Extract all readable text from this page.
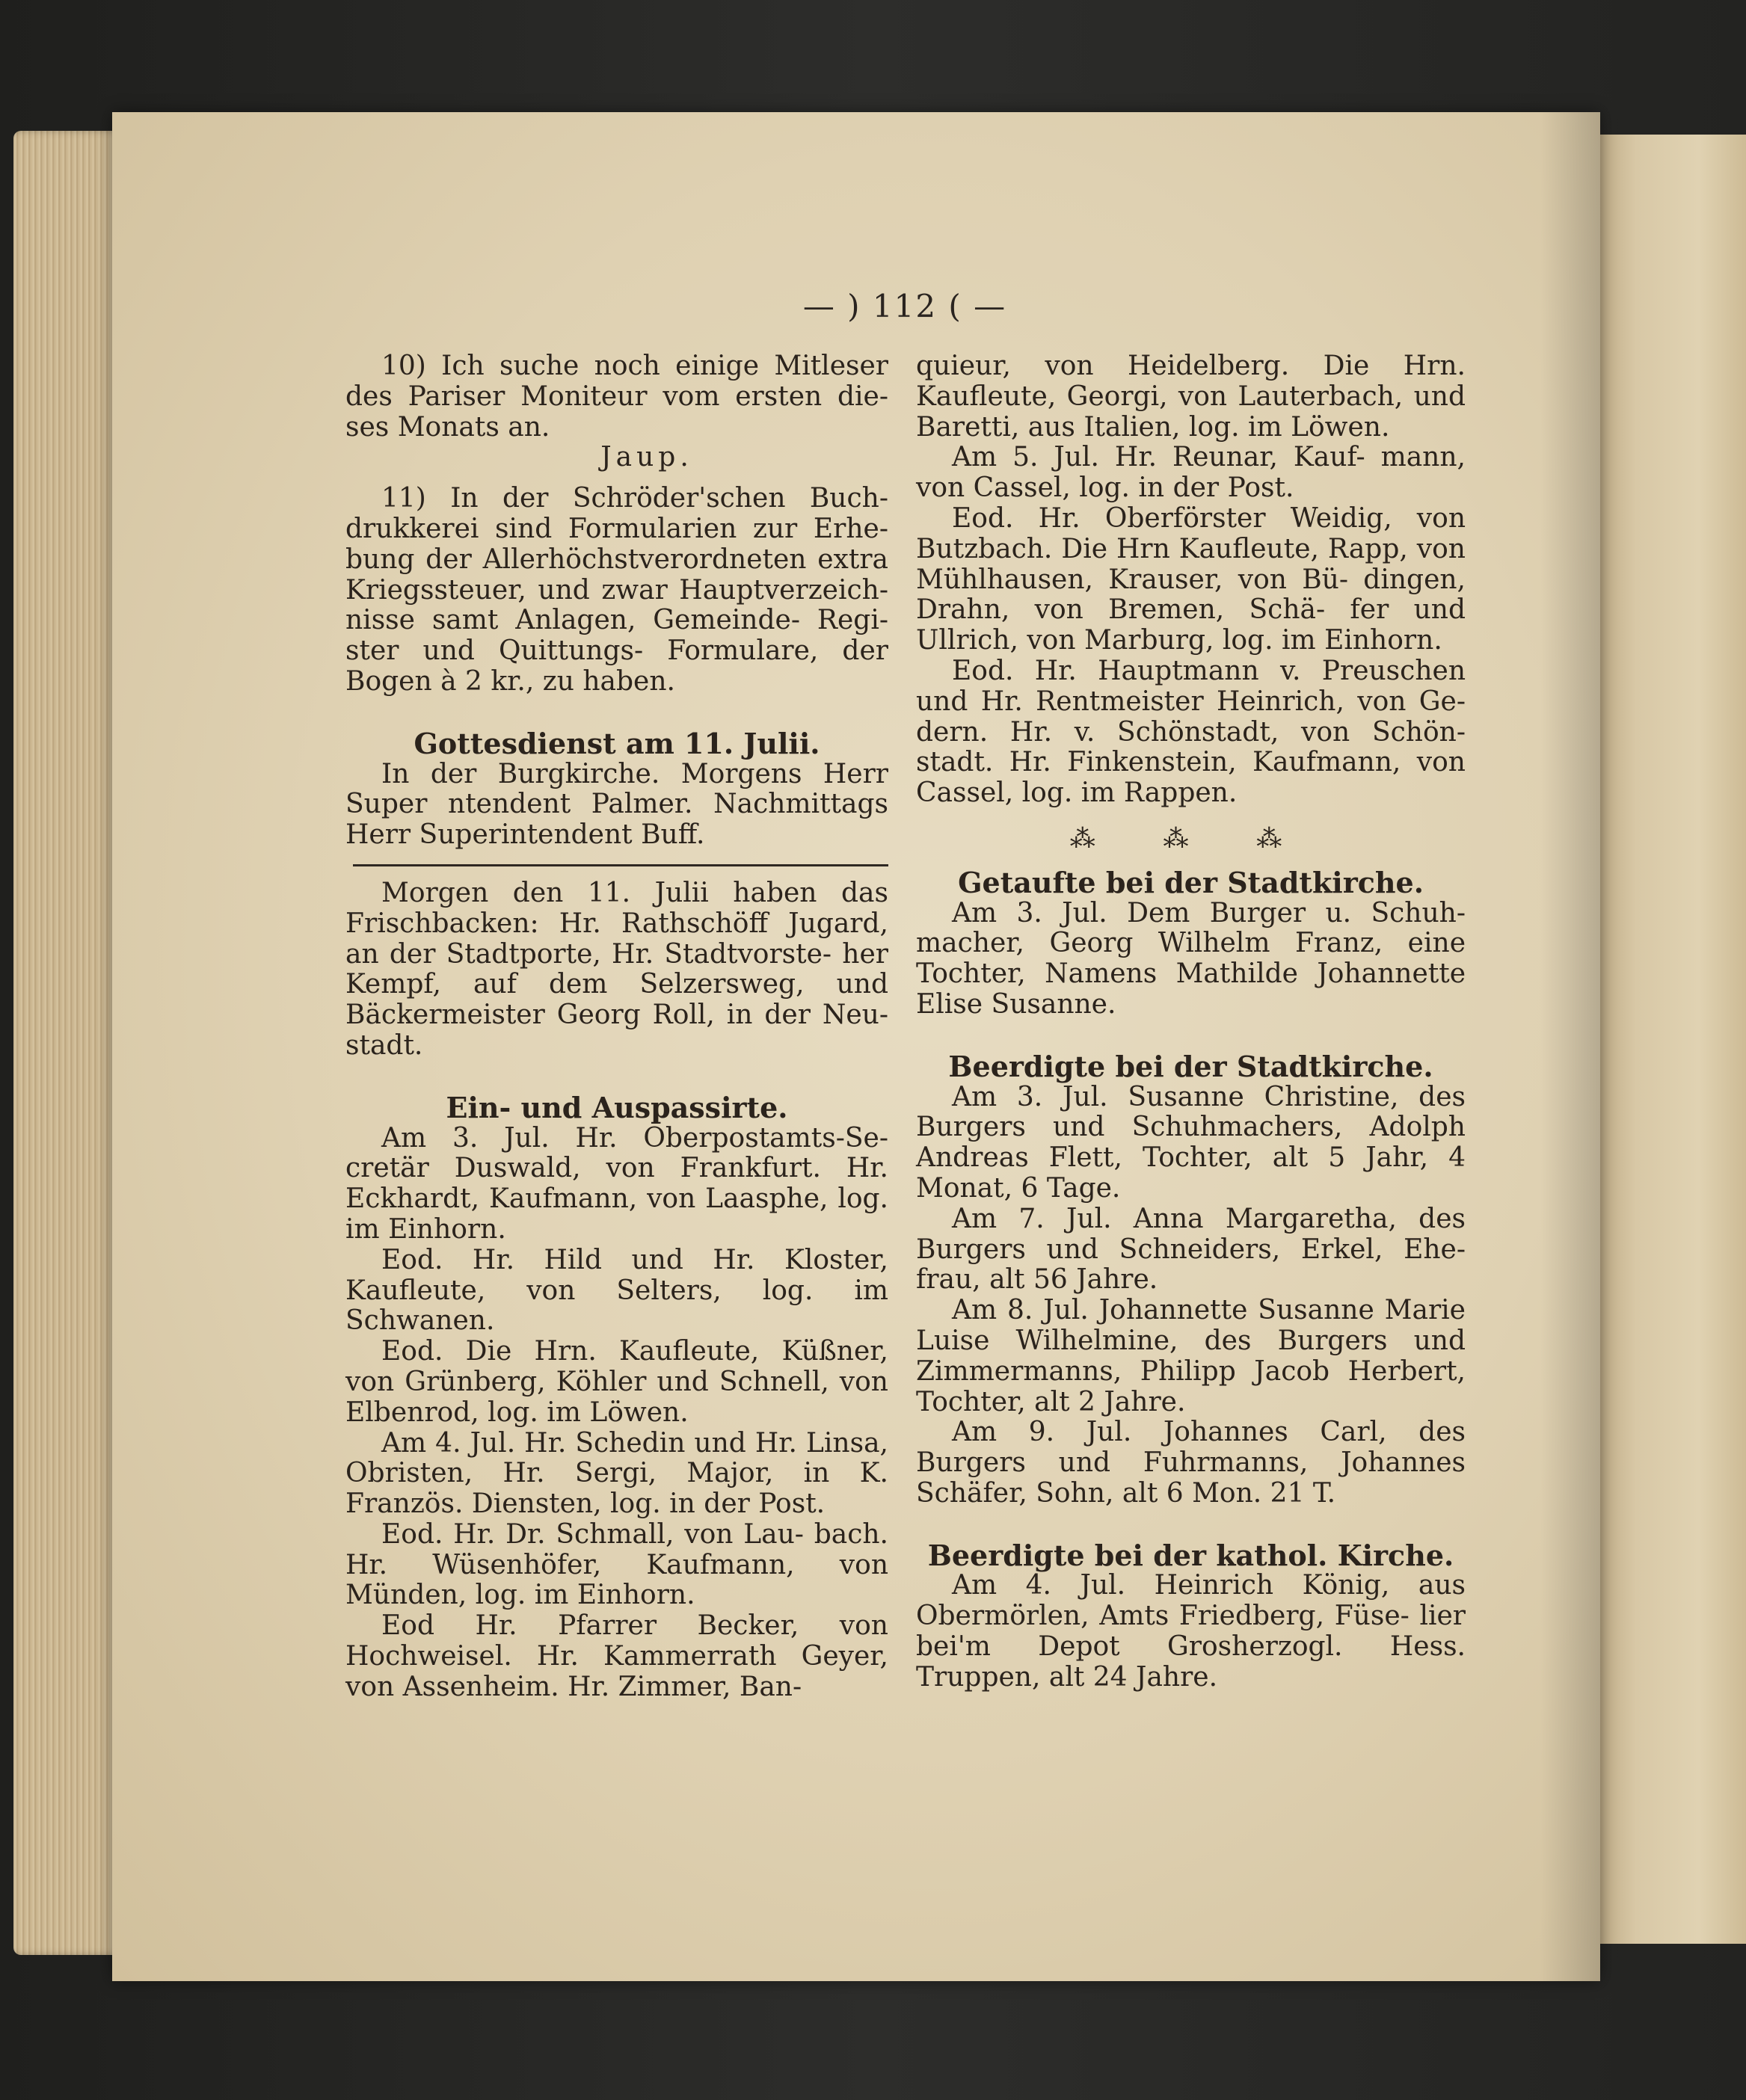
— ) 112 ( —

10) Ich suche noch einige Mitleser des Pariser Moniteur vom ersten die- ses Monats an.

Jaup.

11) In der Schröder'schen Buch- drukkerei sind Formularien zur Erhe- bung der Allerhöchstverordneten extra Kriegssteuer, und zwar Hauptverzeich- nisse samt Anlagen, Gemeinde- Regi- ster und Quittungs- Formulare, der Bogen à 2 kr., zu haben.

Gottesdienst am 11. Julii.

In der Burgkirche. Morgens Herr Super ntendent Palmer. Nachmittags Herr Superintendent Buff.

Morgen den 11. Julii haben das Frischbacken: Hr. Rathschöff Jugard, an der Stadtporte, Hr. Stadtvorste- her Kempf, auf dem Selzersweg, und Bäckermeister Georg Roll, in der Neu- stadt.

Ein- und Auspassirte.

Am 3. Jul. Hr. Oberpostamts-Se- cretär Duswald, von Frankfurt. Hr. Eckhardt, Kaufmann, von Laasphe, log. im Einhorn.

Eod. Hr. Hild und Hr. Kloster, Kaufleute, von Selters, log. im Schwanen.

Eod. Die Hrn. Kaufleute, Küßner, von Grünberg, Köhler und Schnell, von Elbenrod, log. im Löwen.

Am 4. Jul. Hr. Schedin und Hr. Linsa, Obristen, Hr. Sergi, Major, in K. Französ. Diensten, log. in der Post.

Eod. Hr. Dr. Schmall, von Lau- bach. Hr. Wüsenhöfer, Kaufmann, von Münden, log. im Einhorn.

Eod Hr. Pfarrer Becker, von Hochweisel. Hr. Kammerrath Geyer, von Assenheim. Hr. Zimmer, Ban-

quieur, von Heidelberg. Die Hrn. Kaufleute, Georgi, von Lauterbach, und Baretti, aus Italien, log. im Löwen.

Am 5. Jul. Hr. Reunar, Kauf- mann, von Cassel, log. in der Post.

Eod. Hr. Oberförster Weidig, von Butzbach. Die Hrn Kaufleute, Rapp, von Mühlhausen, Krauser, von Bü- dingen, Drahn, von Bremen, Schä- fer und Ullrich, von Marburg, log. im Einhorn.

Eod. Hr. Hauptmann v. Preuschen und Hr. Rentmeister Heinrich, von Ge- dern. Hr. v. Schönstadt, von Schön- stadt. Hr. Finkenstein, Kaufmann, von Cassel, log. im Rappen.

⁂ ⁂ ⁂

Getaufte bei der Stadtkirche.

Am 3. Jul. Dem Burger u. Schuh- macher, Georg Wilhelm Franz, eine Tochter, Namens Mathilde Johannette Elise Susanne.

Beerdigte bei der Stadtkirche.

Am 3. Jul. Susanne Christine, des Burgers und Schuhmachers, Adolph Andreas Flett, Tochter, alt 5 Jahr, 4 Monat, 6 Tage.

Am 7. Jul. Anna Margaretha, des Burgers und Schneiders, Erkel, Ehe- frau, alt 56 Jahre.

Am 8. Jul. Johannette Susanne Marie Luise Wilhelmine, des Burgers und Zimmermanns, Philipp Jacob Herbert, Tochter, alt 2 Jahre.

Am 9. Jul. Johannes Carl, des Burgers und Fuhrmanns, Johannes Schäfer, Sohn, alt 6 Mon. 21 T.

Beerdigte bei der kathol. Kirche.

Am 4. Jul. Heinrich König, aus Obermörlen, Amts Friedberg, Füse- lier bei'm Depot Grosherzogl. Hess. Truppen, alt 24 Jahre.
